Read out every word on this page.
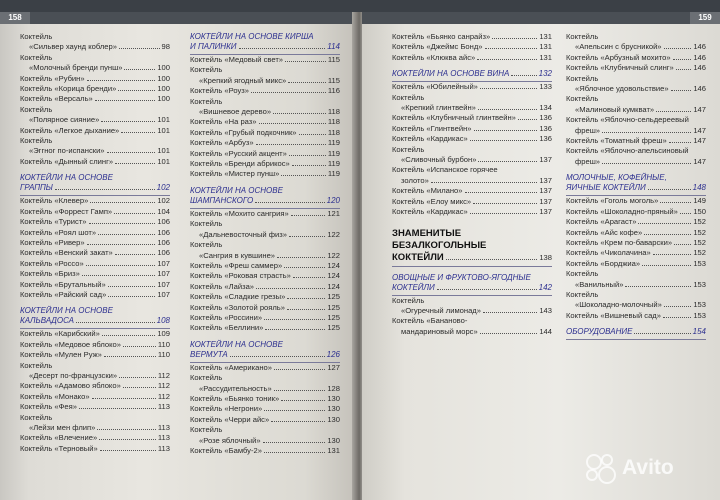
158
Коктейль
«Сильвер хаунд коблер»	98
Коктейль
«Молочный бренди пунш»	100
Коктейль «Рубин»	100
Коктейль «Корица бренди»	100
Коктейль «Версаль»	100
Коктейль
«Полярное сияние»	101
Коктейль «Легкое дыхание»	101
Коктейль
«Эггног по-испански»	101
Коктейль «Дынный слинг»	101
КОКТЕЙЛИ НА ОСНОВЕ
ГРАППЫ	102
Коктейль «Клевер»	102
Коктейль «Форрест Гамп»	104
Коктейль «Турист»	106
Коктейль «Роял шот»	106
Коктейль «Ривер»	106
Коктейль «Венский закат»	106
Коктейль «Россо»	107
Коктейль «Бриз»	107
Коктейль «Брутальный»	107
Коктейль «Райский сад»	107
КОКТЕЙЛИ НА ОСНОВЕ
КАЛЬВАДОСА	108
Коктейль «Карибский»	109
Коктейль «Медовое яблоко»	110
Коктейль «Мулен Руж»	110
Коктейль
«Десерт по-французски»	112
Коктейль «Адамово яблоко»	112
Коктейль «Монако»	112
Коктейль «Фея»	113
Коктейль
«Лейзи мен флип»	113
Коктейль «Влечение»	113
Коктейль «Терновый»	113
КОКТЕЙЛИ НА ОСНОВЕ КИРША
И ПАЛИНКИ	114
Коктейль «Медовый свет»	115
Коктейль
«Крепкий ягодный микс»	115
Коктейль «Роуз»	116
Коктейль
«Вишневое дерево»	118
Коктейль «На раз»	118
Коктейль «Грубый подкочник»	118
Коктейль «Арбуз»	119
Коктейль «Русский акцент»	119
Коктейль «Бренди абрикос»	119
Коктейль «Мистер пунш»	119
КОКТЕЙЛИ НА ОСНОВЕ
ШАМПАНСКОГО	120
Коктейль «Мохито сангрия»	121
Коктейль
«Дальневосточный физ»	122
Коктейль
«Сангрия в кувшине»	122
Коктейль «Фреш саммер»	124
Коктейль «Роковая страсть»	124
Коктейль «Лайза»	124
Коктейль «Сладкие грезы»	125
Коктейль «Золотой рояль»	125
Коктейль «Россини»	125
Коктейль «Беллини»	125
КОКТЕЙЛИ НА ОСНОВЕ
ВЕРМУТА	126
Коктейль «Американо»	127
Коктейль
«Рассудительность»	128
Коктейль «Бьянко тоник»	130
Коктейль «Негрони»	130
Коктейль «Черри айс»	130
Коктейль
«Розе яблочный»	130
Коктейль «Бамбу-2»	131
159
Коктейль «Бьянко санрайз»	131
Коктейль «Джеймс Бонд»	131
Коктейль «Клюква айс»	131
КОКТЕЙЛИ НА ОСНОВЕ ВИНА	132
Коктейль «Юбилейный»	133
Коктейль
«Крепкий глинтвейн»	134
Коктейль «Клубничный глинтвейн»	136
Коктейль «Глинтвейн»	136
Коктейль «Кардикас»	136
Коктейль
«Сливочный бурбон»	137
Коктейль «Испанское горячее
золото»	137
Коктейль «Милано»	137
Коктейль «Елоу микс»	137
Коктейль «Кардикас»	137
ЗНАМЕНИТЫЕ
БЕЗАЛКОГОЛЬНЫЕ
КОКТЕЙЛИ	138
ОВОЩНЫЕ И ФРУКТОВО-ЯГОДНЫЕ
КОКТЕЙЛИ	142
Коктейль
«Огуречный лимонад»	143
Коктейль «Бананово-
мандариновый морс»	144
Коктейль
«Апельсин с брусникой»	146
Коктейль «Арбузный мохито»	146
Коктейль «Клубничный слинг»	146
Коктейль
«Яблочное удовольствие»	146
Коктейль
«Малиновый кумкват»	147
Коктейль «Яблочно-сельдереевый
фреш»	147
Коктейль «Томатный фреш»	147
Коктейль «Яблочно-апельсиновый
фреш»	147
МОЛОЧНЫЕ, КОФЕЙНЫЕ,
ЯИЧНЫЕ КОКТЕЙЛИ	148
Коктейль «Гоголь моголь»	149
Коктейль «Шоколадно-пряный» 150
Коктейль «Арагаст»	152
Коктейль «Айс кофе»	152
Коктейль «Крем по-баварски»	152
Коктейль «Чиколачина»	152
Коктейль «Борджиа»	153
Коктейль
«Ванильный»	153
Коктейль
«Шоколадно-молочный»	153
Коктейль «Вишневый сад»	153
ОБОРУДОВАНИЕ	154
Avito
